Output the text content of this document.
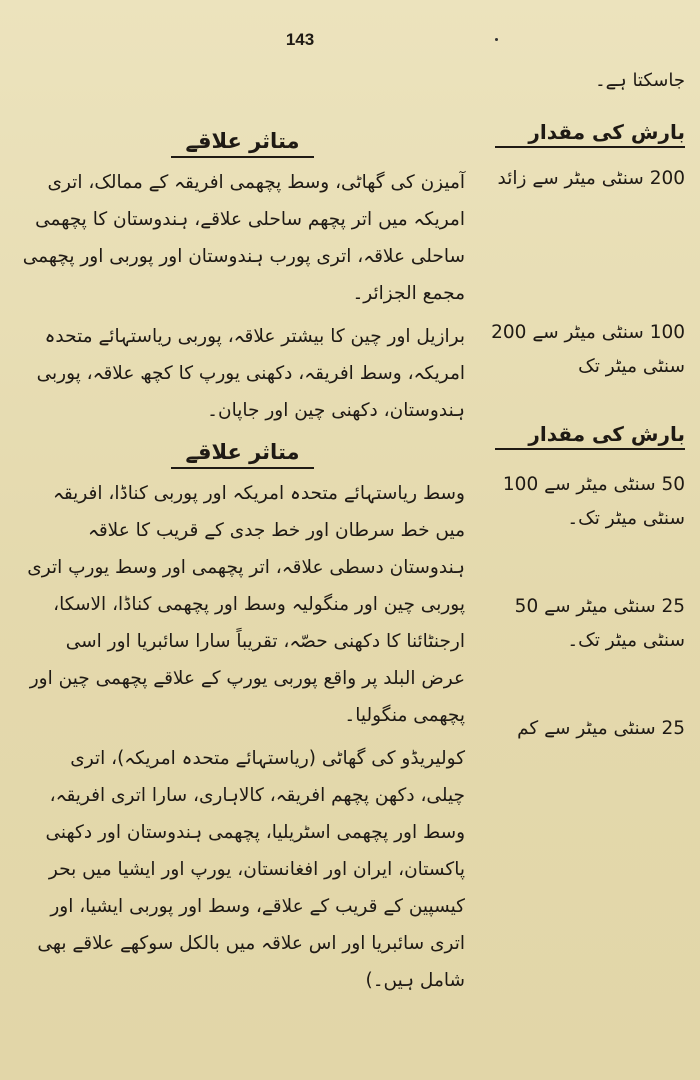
143
جاسکتا ہے۔
بارش کی مقدار
200 سنٹی میٹر سے زائد
100 سنٹی میٹر سے 200 سنٹی میٹر تک
بارش کی مقدار
50 سنٹی میٹر سے 100 سنٹی میٹر تک۔
25 سنٹی میٹر سے 50 سنٹی میٹر تک۔
25 سنٹی میٹر سے کم
متاثر علاقے

آمیزن کی گھاٹی، وسط پچھمی افریقہ کے ممالک، اتری امریکہ میں اتر پچھم ساحلی علاقے، ہندوستان کا پچھمی ساحلی علاقہ، اتری پورب ہندوستان اور پوربی اور پچھمی مجمع الجزائر۔

برازیل اور چین کا بیشتر علاقہ، پوربی ریاستہائے متحدہ امریکہ، وسط افریقہ، دکھنی یورپ کا کچھ علاقہ، پوربی ہندوستان، دکھنی چین اور جاپان۔

متاثر علاقے

وسط ریاستہائے متحدہ امریکہ اور پوربی کناڈا، افریقہ میں خط سرطان اور خط جدی کے قریب کا علاقہ ہندوستان دسطی علاقہ، اتر پچھمی اور وسط یورپ اتری پوربی چین اور منگولیہ وسط اور پچھمی کناڈا، الاسکا، ارجنٹائنا کا دکھنی حصّہ، تقریباً سارا سائبریا اور اسی عرض البلد پر واقع پوربی یورپ کے علاقے پچھمی چین اور پچھمی منگولیا۔

کولیریڈو کی گھاٹی (ریاستہائے متحدہ امریکہ)، اتری چیلی، دکھن پچھم افریقہ، کالاہاری، سارا اتری افریقہ، وسط اور پچھمی اسٹریلیا، پچھمی ہندوستان اور دکھنی پاکستان، ایران اور افغانستان، یورپ اور ایشیا میں بحر کیسپین کے قریب کے علاقے، وسط اور پوربی ایشیا، اور اتری سائبریا اور اس علاقہ میں بالکل سوکھے علاقے بھی شامل ہیں۔)
